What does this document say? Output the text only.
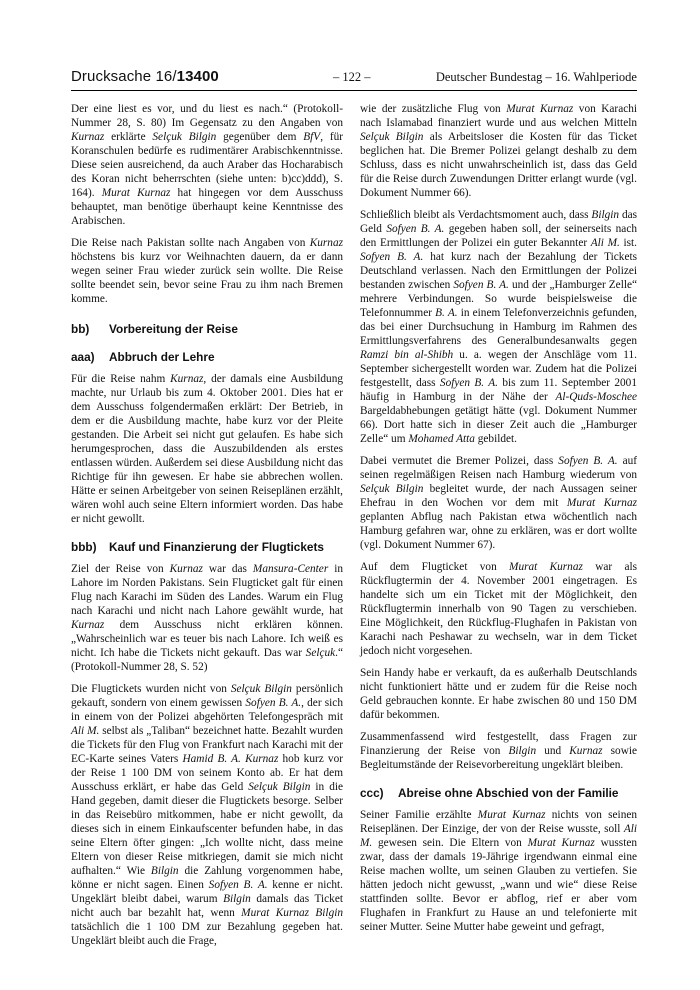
Drucksache 16/13400	– 122 –	Deutscher Bundestag – 16. Wahlperiode

Der eine liest es vor, und du liest es nach.“ (Protokoll-Nummer 28, S. 80) Im Gegensatz zu den Angaben von Kurnaz erklärte Selçuk Bilgin gegenüber dem BfV, für Koranschulen bedürfe es rudimentärer Arabischkenntnisse. Diese seien ausreichend, da auch Araber das Hocharabisch des Koran nicht beherrschten (siehe unten: b)cc)ddd), S. 164). Murat Kurnaz hat hingegen vor dem Ausschuss behauptet, man benötige überhaupt keine Kenntnisse des Arabischen.

Die Reise nach Pakistan sollte nach Angaben von Kurnaz höchstens bis kurz vor Weihnachten dauern, da er dann wegen seiner Frau wieder zurück sein wollte. Die Reise sollte beendet sein, bevor seine Frau zu ihm nach Bremen komme.

bb) Vorbereitung der Reise
aaa) Abbruch der Lehre

Für die Reise nahm Kurnaz, der damals eine Ausbildung machte, nur Urlaub bis zum 4. Oktober 2001. Dies hat er dem Ausschuss folgendermaßen erklärt: Der Betrieb, in dem er die Ausbildung machte, habe kurz vor der Pleite gestanden. Die Arbeit sei nicht gut gelaufen. Es habe sich herumgesprochen, dass die Auszubildenden als erstes entlassen würden. Außerdem sei diese Ausbildung nicht das Richtige für ihn gewesen. Er habe sie abbrechen wollen. Hätte er seinen Arbeitgeber von seinen Reiseplänen erzählt, wären wohl auch seine Eltern informiert worden. Das habe er nicht gewollt.

bbb) Kauf und Finanzierung der Flugtickets

Ziel der Reise von Kurnaz war das Mansura-Center in Lahore im Norden Pakistans. Sein Flugticket galt für einen Flug nach Karachi im Süden des Landes. Warum ein Flug nach Karachi und nicht nach Lahore gewählt wurde, hat Kurnaz dem Ausschuss nicht erklären können. „Wahrscheinlich war es teuer bis nach Lahore. Ich weiß es nicht. Ich habe die Tickets nicht gekauft. Das war Selçuk.“ (Protokoll-Nummer 28, S. 52)

Die Flugtickets wurden nicht von Selçuk Bilgin persönlich gekauft, sondern von einem gewissen Sofyen B. A., der sich in einem von der Polizei abgehörten Telefongespräch mit Ali M. selbst als „Taliban“ bezeichnet hatte. Bezahlt wurden die Tickets für den Flug von Frankfurt nach Karachi mit der EC-Karte seines Vaters Hamid B. A. Kurnaz hob kurz vor der Reise 1 100 DM von seinem Konto ab. Er hat dem Ausschuss erklärt, er habe das Geld Selçuk Bilgin in die Hand gegeben, damit dieser die Flugtickets besorge. Selber in das Reisebüro mitkommen, habe er nicht gewollt, da dieses sich in einem Einkaufscenter befunden habe, in das seine Eltern öfter gingen: „Ich wollte nicht, dass meine Eltern von dieser Reise mitkriegen, damit sie mich nicht aufhalten.“ Wie Bilgin die Zahlung vorgenommen habe, könne er nicht sagen. Einen Sofyen B. A. kenne er nicht. Ungeklärt bleibt dabei, warum Bilgin damals das Ticket nicht auch bar bezahlt hat, wenn Murat Kurnaz Bilgin tatsächlich die 1 100 DM zur Bezahlung gegeben hat. Ungeklärt bleibt auch die Frage,

wie der zusätzliche Flug von Murat Kurnaz von Karachi nach Islamabad finanziert wurde und aus welchen Mitteln Selçuk Bilgin als Arbeitsloser die Kosten für das Ticket beglichen hat. Die Bremer Polizei gelangt deshalb zu dem Schluss, dass es nicht unwahrscheinlich ist, dass das Geld für die Reise durch Zuwendungen Dritter erlangt wurde (vgl. Dokument Nummer 66).

Schließlich bleibt als Verdachtsmoment auch, dass Bilgin das Geld Sofyen B. A. gegeben haben soll, der seinerseits nach den Ermittlungen der Polizei ein guter Bekannter Ali M. ist. Sofyen B. A. hat kurz nach der Bezahlung der Tickets Deutschland verlassen. Nach den Ermittlungen der Polizei bestanden zwischen Sofyen B. A. und der „Hamburger Zelle“ mehrere Verbindungen. So wurde beispielsweise die Telefonnummer B. A. in einem Telefonverzeichnis gefunden, das bei einer Durchsuchung in Hamburg im Rahmen des Ermittlungsverfahrens des Generalbundesanwalts gegen Ramzi bin al-Shibh u. a. wegen der Anschläge vom 11. September sichergestellt worden war. Zudem hat die Polizei festgestellt, dass Sofyen B. A. bis zum 11. September 2001 häufig in Hamburg in der Nähe der Al-Quds-Moschee Bargeldabhebungen getätigt hätte (vgl. Dokument Nummer 66). Dort hatte sich in dieser Zeit auch die „Hamburger Zelle“ um Mohamed Atta gebildet.

Dabei vermutet die Bremer Polizei, dass Sofyen B. A. auf seinen regelmäßigen Reisen nach Hamburg wiederum von Selçuk Bilgin begleitet wurde, der nach Aussagen seiner Ehefrau in den Wochen vor dem mit Murat Kurnaz geplanten Abflug nach Pakistan etwa wöchentlich nach Hamburg gefahren war, ohne zu erklären, was er dort wollte (vgl. Dokument Nummer 67).

Auf dem Flugticket von Murat Kurnaz war als Rückflugtermin der 4. November 2001 eingetragen. Es handelte sich um ein Ticket mit der Möglichkeit, den Rückflugtermin innerhalb von 90 Tagen zu verschieben. Eine Möglichkeit, den Rückflug-Flughafen in Pakistan von Karachi nach Peshawar zu wechseln, war in dem Ticket jedoch nicht vorgesehen.

Sein Handy habe er verkauft, da es außerhalb Deutschlands nicht funktioniert hätte und er zudem für die Reise noch Geld gebrauchen konnte. Er habe zwischen 80 und 150 DM dafür bekommen.

Zusammenfassend wird festgestellt, dass Fragen zur Finanzierung der Reise von Bilgin und Kurnaz sowie Begleitumstände der Reisevorbereitung ungeklärt bleiben.

ccc) Abreise ohne Abschied von der Familie

Seiner Familie erzählte Murat Kurnaz nichts von seinen Reiseplänen. Der Einzige, der von der Reise wusste, soll Ali M. gewesen sein. Die Eltern von Murat Kurnaz wussten zwar, dass der damals 19-Jährige irgendwann einmal eine Reise machen wollte, um seinen Glauben zu vertiefen. Sie hätten jedoch nicht gewusst, „wann und wie“ diese Reise stattfinden sollte. Bevor er abflog, rief er aber vom Flughafen in Frankfurt zu Hause an und telefonierte mit seiner Mutter. Seine Mutter habe geweint und gefragt,
